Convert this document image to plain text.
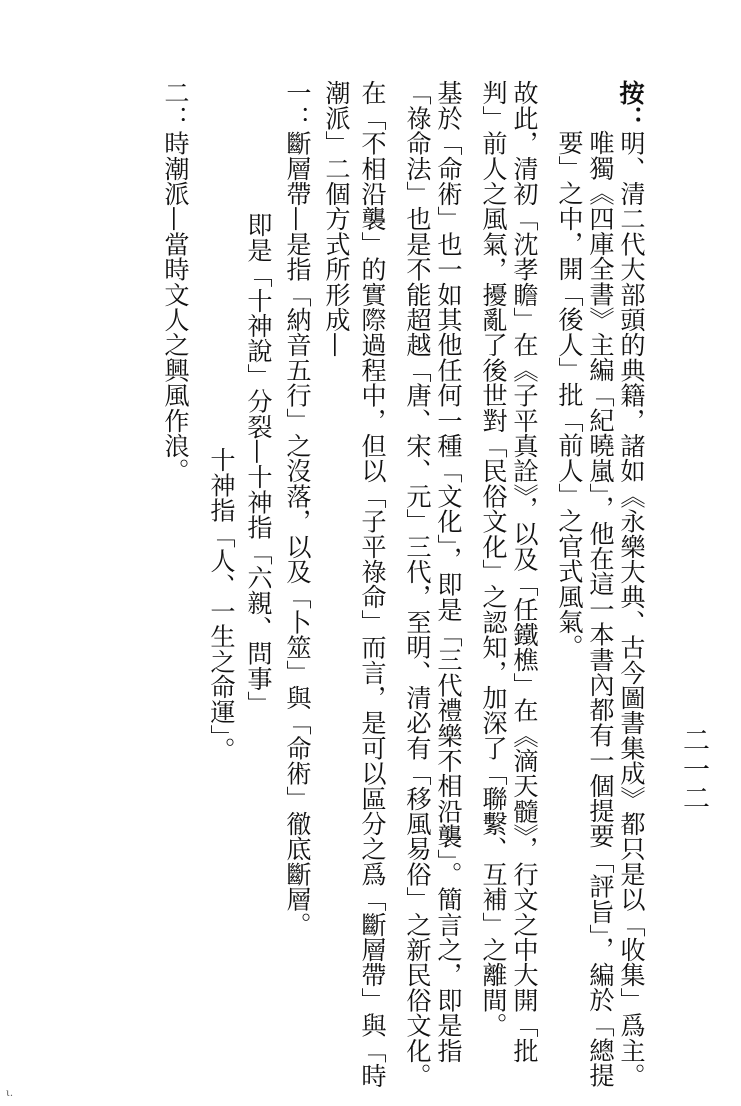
二一二
按：明、清二代大部頭的典籍，諸如《永樂大典、古今圖書集成》都只是以「收集」爲主。
唯獨《四庫全書》主編「紀曉嵐」，他在這一本書內都有一個提要「評旨」，編於「總提
要」之中，開「後人」批「前人」之官式風氣。
故此，清初「沈孝瞻」在《子平真詮》，以及「任鐵樵」在《滴天髓》，行文之中大開「批
判」前人之風氣，擾亂了後世對「民俗文化」之認知，加深了「聯繫、互補」之離間。
基於「命術」也一如其他任何一種「文化」，即是「三代禮樂不相沿襲」。簡言之，即是指
「祿命法」也是不能超越「唐、宋、元」三代，至明、清必有「移風易俗」之新民俗文化。
在「不相沿襲」的實際過程中，但以「子平祿命」而言，是可以區分之爲「斷層帶」與「時
潮派」二個方式所形成—
一：斷層帶—是指「納音五行」之沒落，以及「卜筮」與「命術」徹底斷層。
即是「十神說」分裂—十神指「六親、問事」
十神指「人、一生之命運」。
二：時潮派—當時文人之興風作浪。
ι.
